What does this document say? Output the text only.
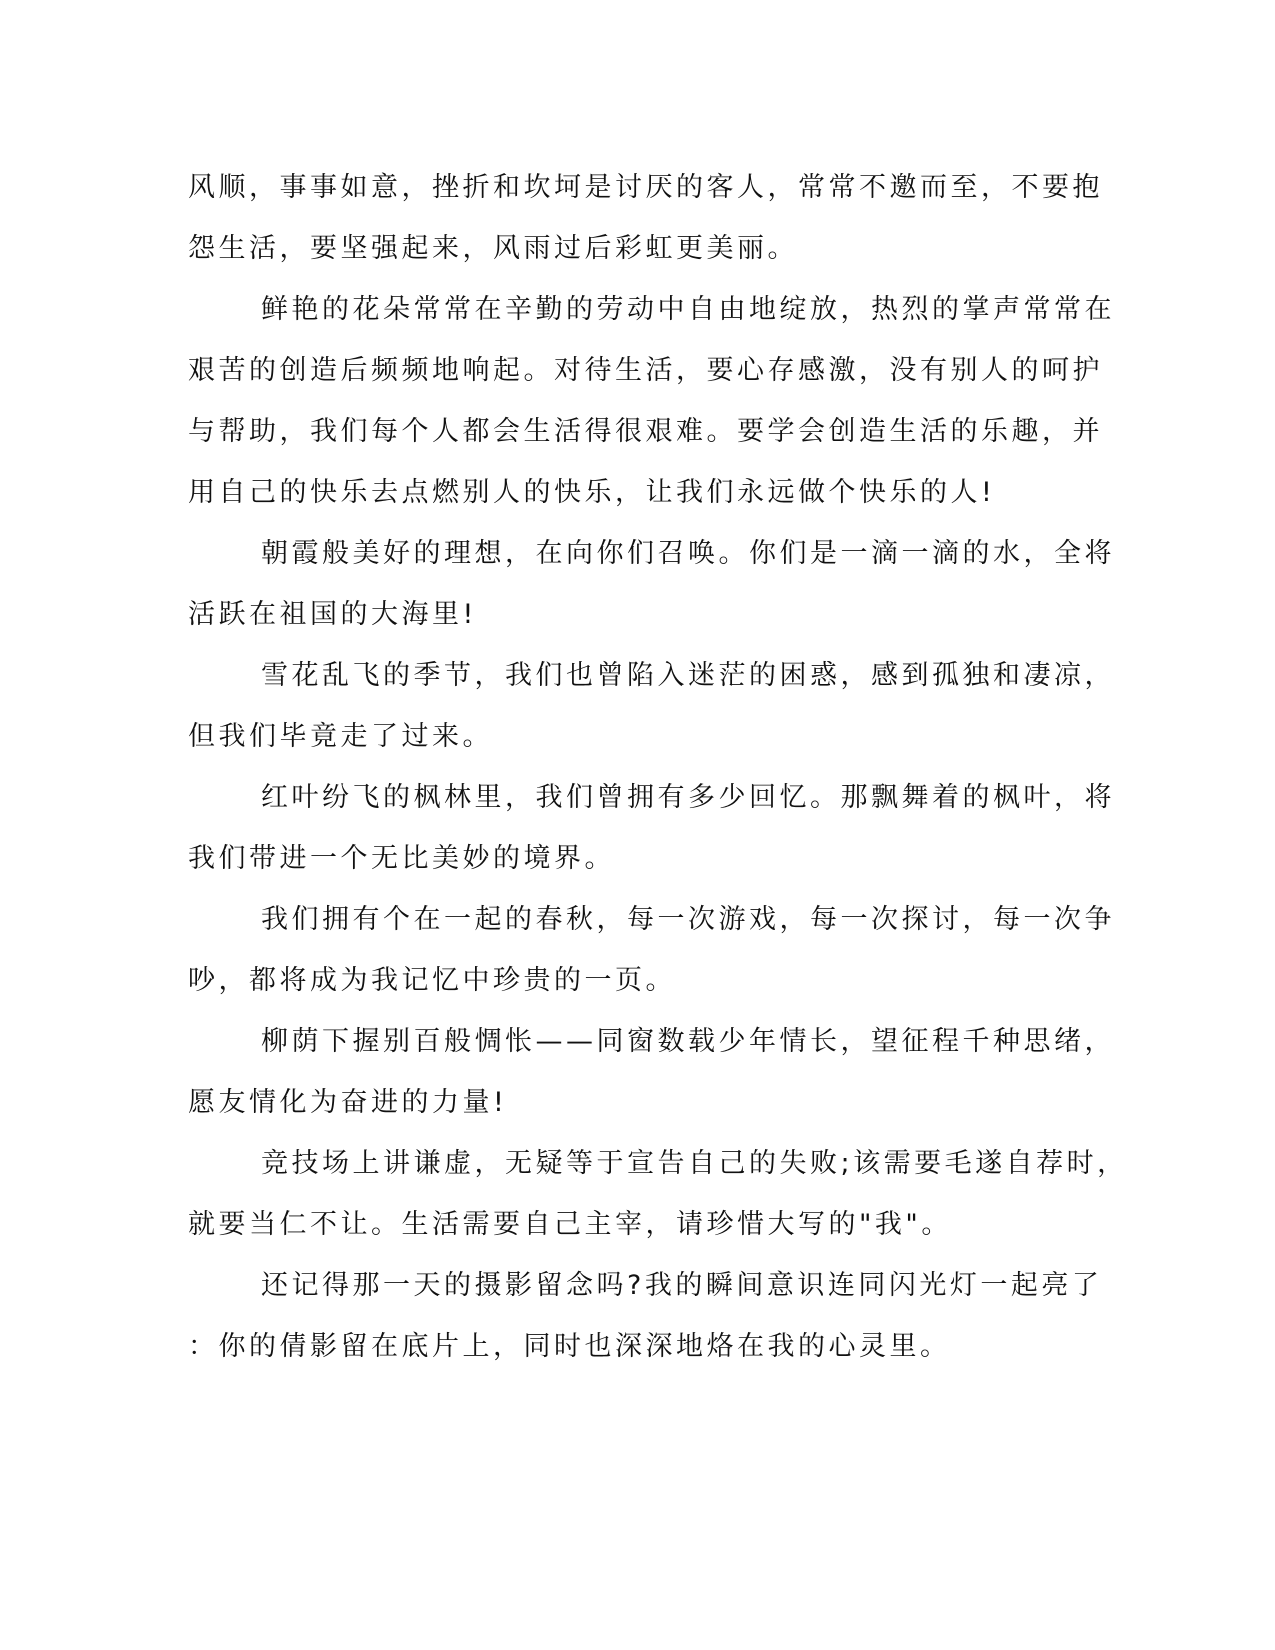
风顺，事事如意，挫折和坎坷是讨厌的客人，常常不邀而至，不要抱
怨生活，要坚强起来，风雨过后彩虹更美丽。
鲜艳的花朵常常在辛勤的劳动中自由地绽放，热烈的掌声常常在
艰苦的创造后频频地响起。对待生活，要心存感激，没有别人的呵护
与帮助，我们每个人都会生活得很艰难。要学会创造生活的乐趣，并
用自己的快乐去点燃别人的快乐，让我们永远做个快乐的人!
朝霞般美好的理想，在向你们召唤。你们是一滴一滴的水，全将
活跃在祖国的大海里!
雪花乱飞的季节，我们也曾陷入迷茫的困惑，感到孤独和凄凉，
但我们毕竟走了过来。
红叶纷飞的枫林里，我们曾拥有多少回忆。那飘舞着的枫叶，将
我们带进一个无比美妙的境界。
我们拥有个在一起的春秋，每一次游戏，每一次探讨，每一次争
吵，都将成为我记忆中珍贵的一页。
柳荫下握别百般惆怅——同窗数载少年情长，望征程千种思绪，
愿友情化为奋进的力量!
竞技场上讲谦虚，无疑等于宣告自己的失败;该需要毛遂自荐时，
就要当仁不让。生活需要自己主宰，请珍惜大写的"我"。
还记得那一天的摄影留念吗?我的瞬间意识连同闪光灯一起亮了
：你的倩影留在底片上，同时也深深地烙在我的心灵里。
